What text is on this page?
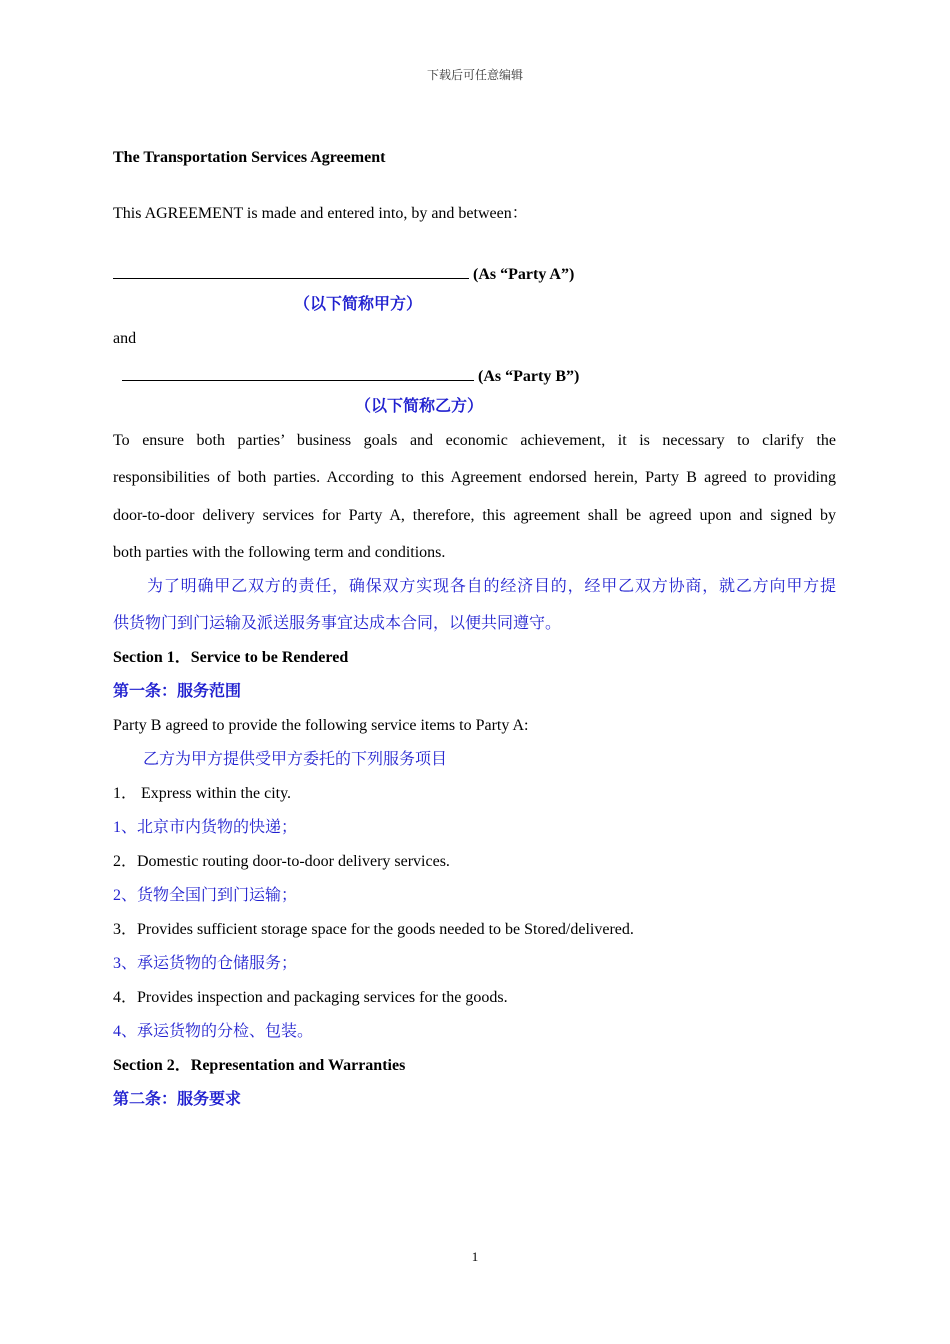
下载后可任意编辑

The Transportation Services Agreement

This AGREEMENT is made and entered into, by and between：

(As “Party A”)

（以下简称甲方）

and

(As “Party B”)

（以下简称乙方）

To ensure both parties’ business goals and economic achievement, it is necessary to clarify the

responsibilities of both parties. According to this Agreement endorsed herein, Party B agreed to providing

door-to-door delivery services for Party A, therefore, this agreement shall be agreed upon and signed by

both parties with the following term and conditions.

为了明确甲乙双方的责任，确保双方实现各自的经济目的，经甲乙双方协商，就乙方向甲方提

供货物门到门运输及派送服务事宜达成本合同，以便共同遵守。

Section 1．Service to be Rendered

第一条：服务范围

Party B agreed to provide the following service items to Party A:

乙方为甲方提供受甲方委托的下列服务项目

1． Express within the city.

1、北京市内货物的快递；

2．Domestic routing door-to-door delivery services.

2、货物全国门到门运输；

3．Provides sufficient storage space for the goods needed to be Stored/delivered.

3、承运货物的仓储服务；

4．Provides inspection and packaging services for the goods.

4、承运货物的分检、包装。

Section 2．Representation and Warranties

第二条：服务要求

1
